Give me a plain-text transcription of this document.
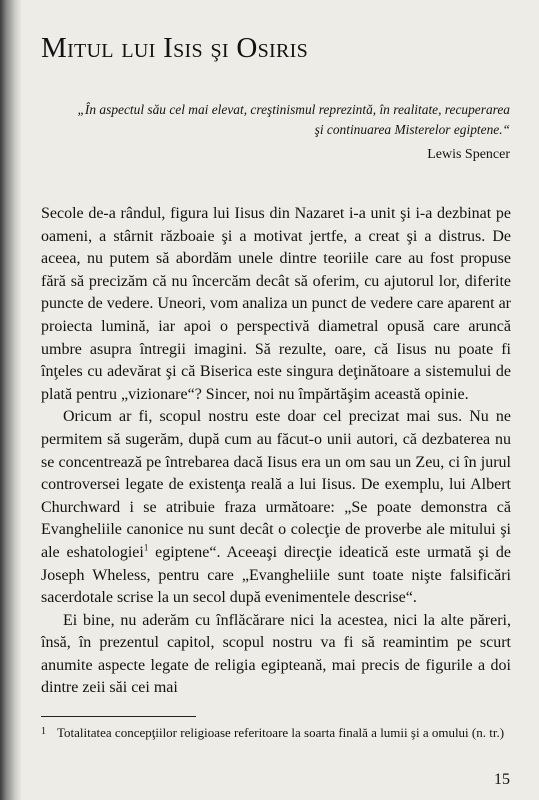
Mitul lui Isis şi Osiris

„În aspectul său cel mai elevat, creştinismul reprezintă, în realitate, recuperarea şi continuarea Misterelor egiptene.“

Lewis Spencer

Secole de-a rândul, figura lui Iisus din Nazaret i-a unit şi i-a dezbinat pe oameni, a stârnit războaie şi a motivat jertfe, a creat şi a distrus. De aceea, nu putem să abordăm unele dintre teoriile care au fost propuse fără să precizăm că nu încercăm decât să oferim, cu ajutorul lor, diferite puncte de vedere. Uneori, vom analiza un punct de vedere care aparent ar proiecta lumină, iar apoi o perspectivă diametral opusă care aruncă umbre asupra întregii imagini. Să rezulte, oare, că Iisus nu poate fi înţeles cu adevărat şi că Biserica este singura deţinătoare a sistemului de plată pentru „vizionare“? Sincer, noi nu împărtăşim această opinie.

Oricum ar fi, scopul nostru este doar cel precizat mai sus. Nu ne permitem să sugerăm, după cum au făcut-o unii autori, că dezbaterea nu se concentrează pe întrebarea dacă Iisus era un om sau un Zeu, ci în jurul controversei legate de existenţa reală a lui Iisus. De exemplu, lui Albert Churchward i se atribuie fraza următoare: „Se poate demonstra că Evangheliile canonice nu sunt decât o colecţie de proverbe ale mitului şi ale eshatologiei$^1$ egiptene“. Aceeaşi direcţie ideatică este urmată şi de Joseph Wheless, pentru care „Evangheliile sunt toate nişte falsificări sacerdotale scrise la un secol după evenimentele descrise“.

Ei bine, nu aderăm cu înflăcărare nici la acestea, nici la alte păreri, însă, în prezentul capitol, scopul nostru va fi să reamintim pe scurt anumite aspecte legate de religia egipteană, mai precis de figurile a doi dintre zeii săi cei mai

1 Totalitatea concepţiilor religioase referitoare la soarta finală a lumii şi a omului (n. tr.)

15
